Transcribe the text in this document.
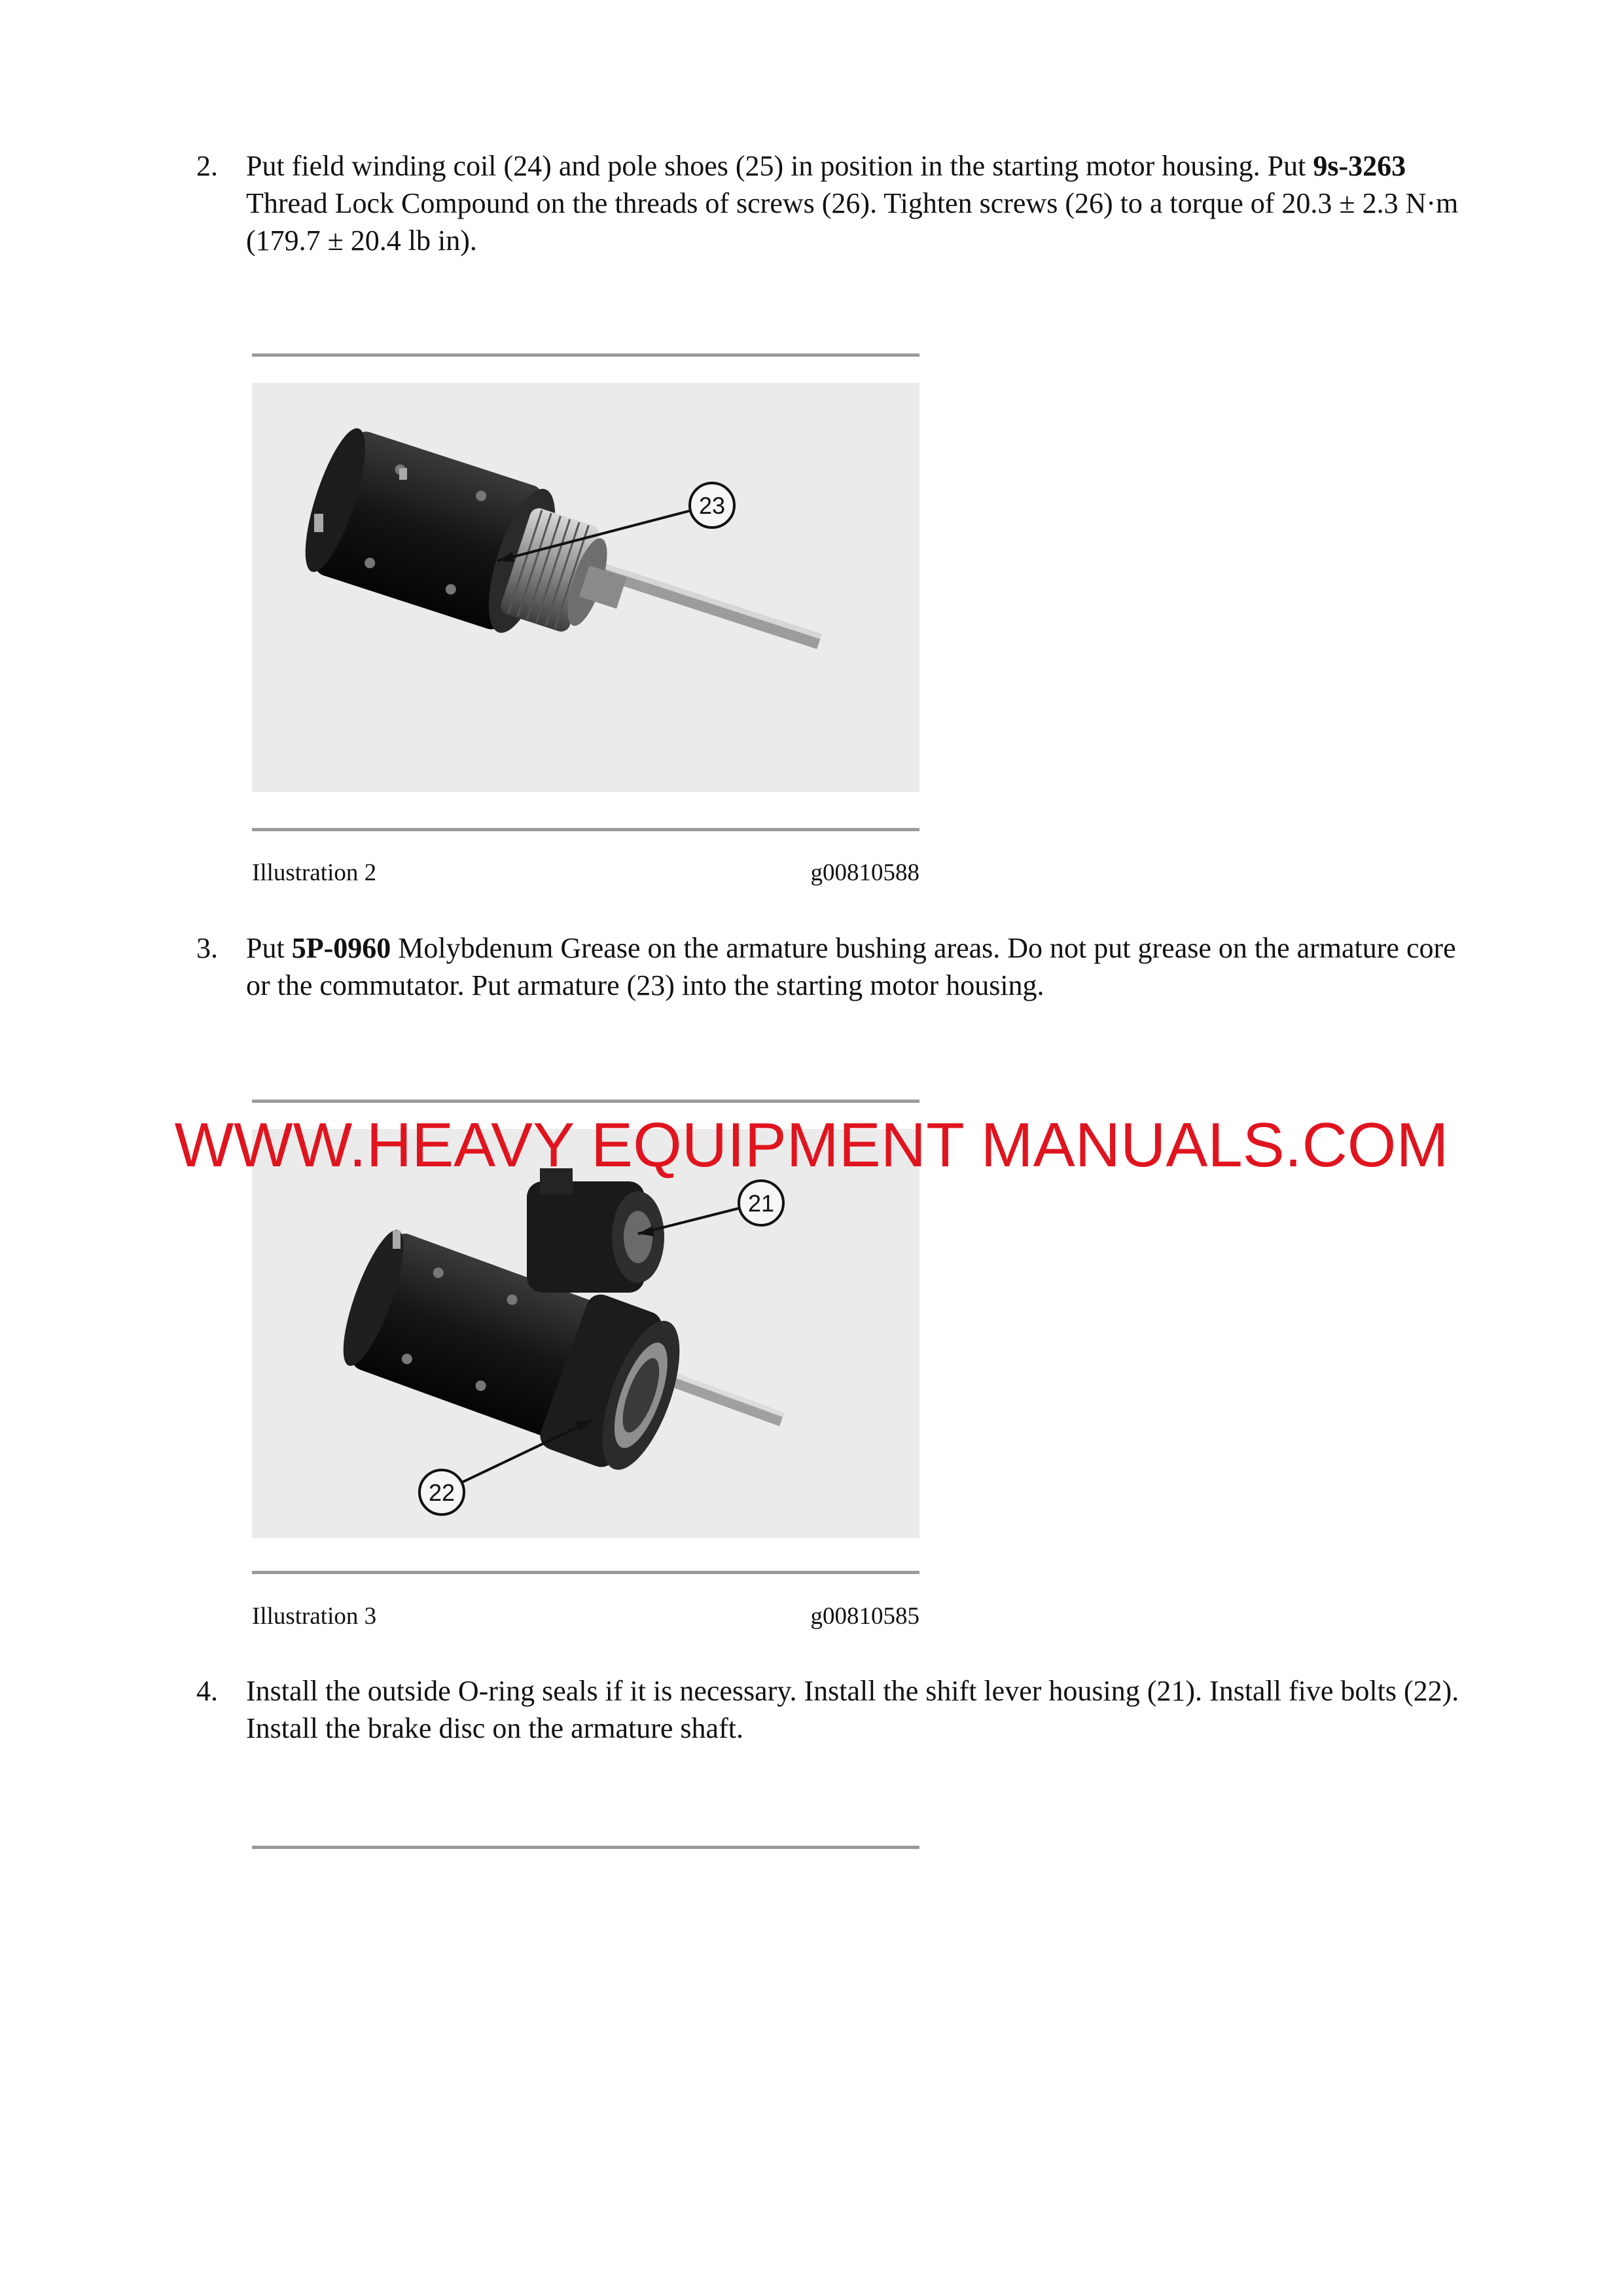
2. Put field winding coil (24) and pole shoes (25) in position in the starting motor housing. Put 9s-3263 Thread Lock Compound on the threads of screws (26). Tighten screws (26) to a torque of 20.3 ± 2.3 N·m (179.7 ± 20.4 lb in).
23
Illustration 2	g00810588
3. Put 5P-0960 Molybdenum Grease on the armature bushing areas. Do not put grease on the armature core or the commutator. Put armature (23) into the starting motor housing.
21
22
Illustration 3	g00810585
4. Install the outside O-ring seals if it is necessary. Install the shift lever housing (21). Install five bolts (22). Install the brake disc on the armature shaft.
WWW.HEAVY EQUIPMENT MANUALS.COM
